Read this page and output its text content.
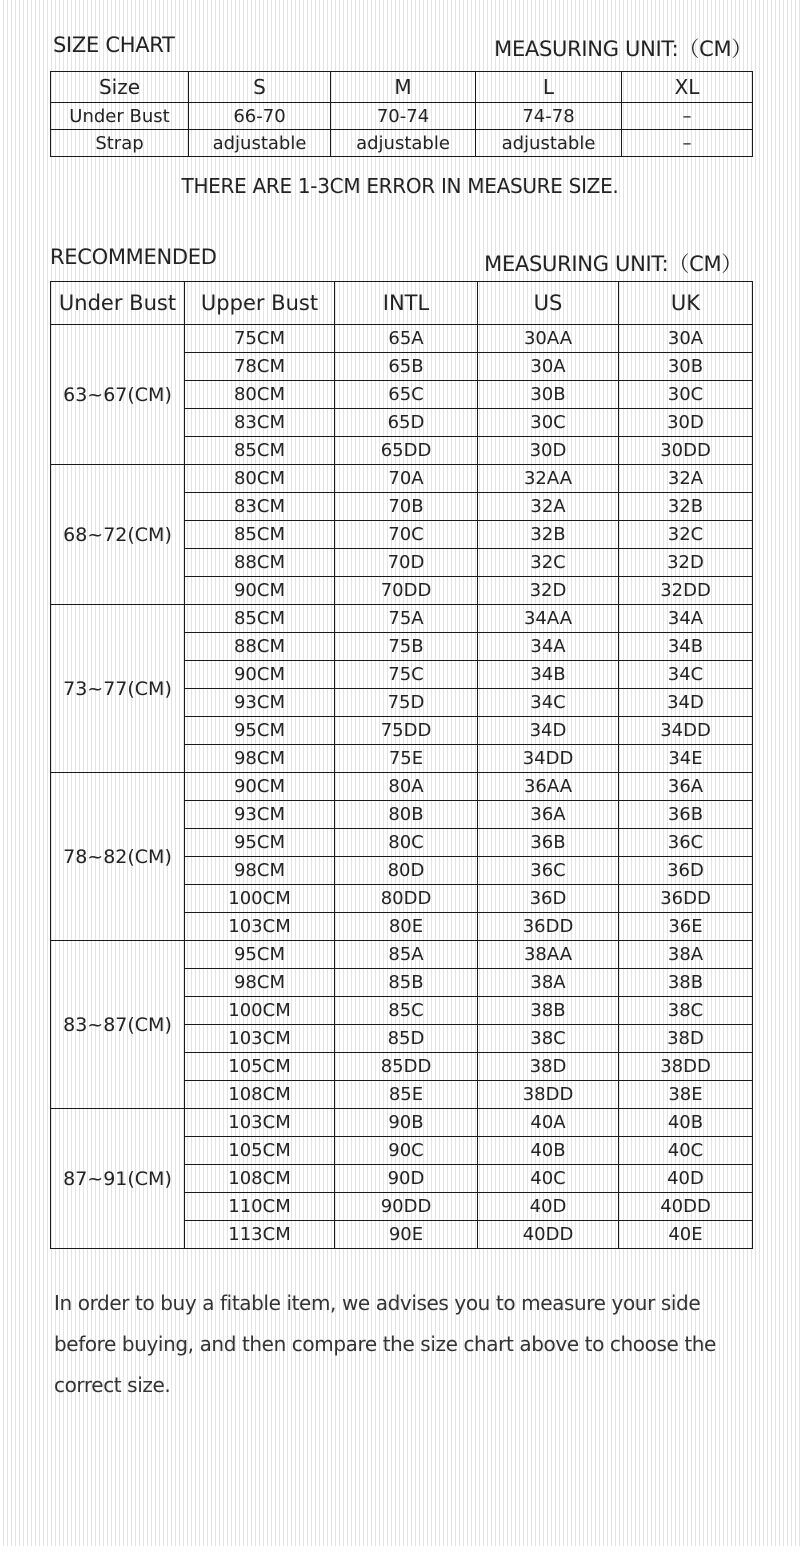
SIZE CHART	MEASURING UNIT:（CM）
Size	S	M	L	XL
Under Bust	66-70	70-74	74-78	–
Strap	adjustable	adjustable	adjustable	–
THERE ARE 1-3CM ERROR IN MEASURE SIZE.
RECOMMENDED	MEASURING UNIT:（CM）
Under Bust	Upper Bust	INTL	US	UK
63~67(CM)	75CM	65A	30AA	30A
	78CM	65B	30A	30B
	80CM	65C	30B	30C
	83CM	65D	30C	30D
	85CM	65DD	30D	30DD
68~72(CM)	80CM	70A	32AA	32A
	83CM	70B	32A	32B
	85CM	70C	32B	32C
	88CM	70D	32C	32D
	90CM	70DD	32D	32DD
73~77(CM)	85CM	75A	34AA	34A
	88CM	75B	34A	34B
	90CM	75C	34B	34C
	93CM	75D	34C	34D
	95CM	75DD	34D	34DD
	98CM	75E	34DD	34E
78~82(CM)	90CM	80A	36AA	36A
	93CM	80B	36A	36B
	95CM	80C	36B	36C
	98CM	80D	36C	36D
	100CM	80DD	36D	36DD
	103CM	80E	36DD	36E
83~87(CM)	95CM	85A	38AA	38A
	98CM	85B	38A	38B
	100CM	85C	38B	38C
	103CM	85D	38C	38D
	105CM	85DD	38D	38DD
	108CM	85E	38DD	38E
87~91(CM)	103CM	90B	40A	40B
	105CM	90C	40B	40C
	108CM	90D	40C	40D
	110CM	90DD	40D	40DD
	113CM	90E	40DD	40E
In order to buy a fitable item, we advises you to measure your side
before buying, and then compare the size chart above to choose the
correct size.
